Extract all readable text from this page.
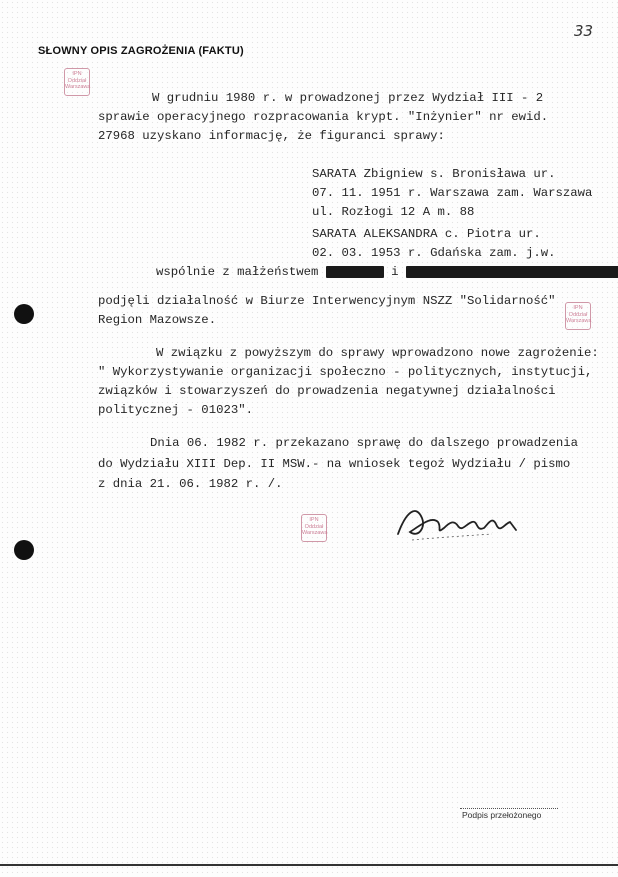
33
SŁOWNY OPIS ZAGROŻENIA (FAKTU)
IPN
Oddział
Warszawa
IPN
Oddział
Warszawa
IPN
Oddział
Warszawa
W grudniu 1980 r. w prowadzonej przez Wydział III - 2
sprawie operacyjnego rozpracowania krypt. "Inżynier" nr ewid.
27968 uzyskano informację, że figuranci sprawy:
SARATA Zbigniew s. Bronisława ur.
07. 11. 1951 r. Warszawa zam. Warszawa
ul. Rozłogi 12 A m. 88
SARATA ALEKSANDRA c. Piotra ur.
02. 03. 1953 r. Gdańska zam. j.w.
wspólnie z małżeństwem	i
podjęli działalność w Biurze Interwencyjnym NSZZ "Solidarność"
Region Mazowsze.
W związku z powyższym do sprawy wprowadzono nowe zagrożenie:
" Wykorzystywanie organizacji społeczno - politycznych, instytucji,
związków i stowarzyszeń do prowadzenia negatywnej działalności
politycznej - 01023".
Dnia 06. 1982 r. przekazano sprawę do dalszego prowadzenia
do Wydziału XIII Dep. II MSW.- na wniosek tegoż Wydziału / pismo
z dnia 21. 06. 1982 r. /.
Podpis przełożonego
